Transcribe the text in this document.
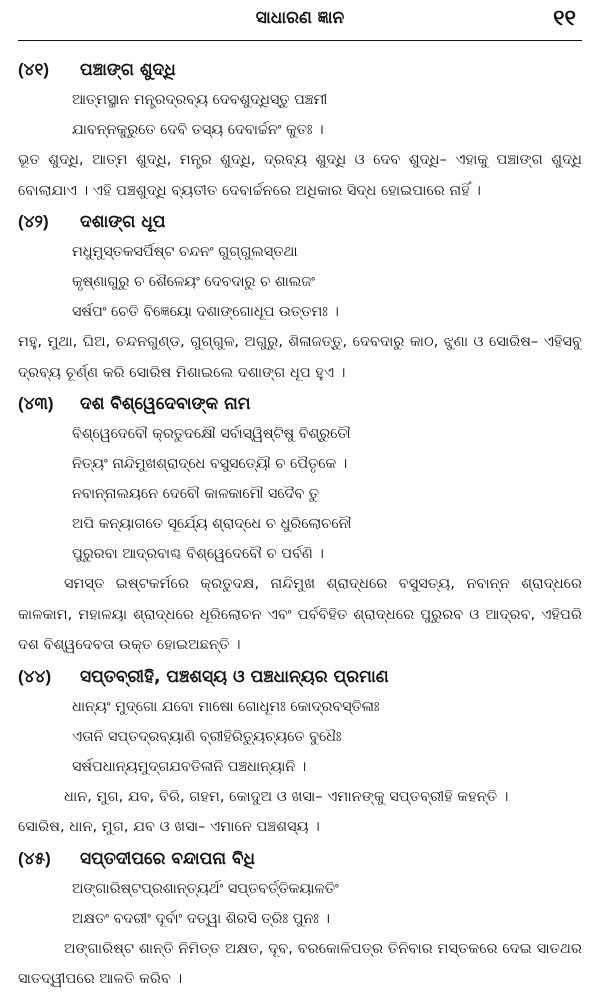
ସାଧାରଣ ଜ୍ଞାନ	୧୧
(୪୧) ପଞ୍ଚାଙ୍ଗ ଶୁଦ୍ଧି
ଆତ୍ମସ୍ଥାନ ମନ୍ତ୍ରଦ୍ରବ୍ୟ ଦେବଶୁଦ୍ଧିସ୍ତୁ ପଞ୍ଚମୀ
ଯାବନ୍ନକୁରୁତେ ଦେବି ତସ୍ୟ ଦେବାର୍ଚ୍ଚନଂ କୁତଃ ।

ଭୂତ ଶୁଦ୍ଧି, ଆତ୍ମ ଶୁଦ୍ଧି, ମନ୍ତ୍ର ଶୁଦ୍ଧି, ଦ୍ରବ୍ୟ ଶୁଦ୍ଧି ଓ ଦେବ ଶୁଦ୍ଧି– ଏହାକୁ ପଞ୍ଚାଙ୍ଗ ଶୁଦ୍ଧି ବୋଲାଯାଏ । ଏହି ପଞ୍ଚଶୁଦ୍ଧି ବ୍ୟତୀତ ଦେବାର୍ଚ୍ଚନରେ ଅଧିକାର ସିଦ୍ଧ ହୋଇପାରେ ନାହିଁ ।

(୪୨) ଦଶାଙ୍ଗ ଧୂପ
ମଧୁମୁସ୍ତକସର୍ପିଷ୍ଟ ଚନ୍ଦନଂ ଗୁଗ୍‌ଗୁଲସ୍ତଥା
କୃଷ୍ଣାଗୁରୁ ଚ ଶୈଳେୟଂ ଦେବଦାରୁ ଚ ଶାଲଜଂ
ସର୍ଷପଂ ଚେତି ବିଜ୍ଞେୟୋ ଦଶାଙ୍ଗୋଧୂପ ଉତ୍ତମଃ ।

ମହୁ, ମୁଥା, ଘିଅ, ଚନ୍ଦନଗୁଣ୍ଡ, ଗୁଗ୍‌ଗୁଳ, ଅଗୁରୁ, ଶିଳାଜତ୍ତୁ, ଦେବଦାରୁ କାଠ, ଝୁଣା ଓ ସୋରିଷ– ଏହିସବୁ ଦ୍ରବ୍ୟ ଚୂର୍ଣ୍ଣ କରି ସୋରିଷ ମିଶାଇଲେ ଦଶାଙ୍ଗ ଧୂପ ହୁଏ ।

(୪୩) ଦଶ ବିଶ୍ୱେଦେବାଙ୍କ ନାମ
ବିଶ୍ୱେଦେବୌ କ୍ରତୁଦକ୍ଷୌ ସର୍ବାସ୍ୱିଷ୍ଟିଷୁ ବିଶ୍ରୁତୌ
ନିତ୍ୟଂ ନାନ୍ଦିମୁଖଶ୍ରାଦ୍ଧେ ବସୁସତ୍ୟୌ ଚ ପୈତୃକେ ।
ନବାନ୍ନାଲୟନେ ଦେବୌ କାଳକାମୌ ସଦୈବ ତୁ
ଅପି କନ୍ୟାଗତେ ସୂର୍ଯ୍ୟେ ଶ୍ରାଦ୍ଧେ ଚ ଧୁରିଲୋଚନୌ
ପୁରୁରବା ଆଦ୍ରବାଶ୍ଚ ବିଶ୍ୱେଦେବୌ ଚ ପର୍ବଣି ।

ସମସ୍ତ ଇଷ୍ଟକର୍ମରେ କ୍ରତୁଦକ୍ଷ, ନାନ୍ଦିମୁଖ ଶ୍ରାଦ୍ଧରେ ବସୁସତ୍ୟ, ନବାନ୍ନ ଶ୍ରାଦ୍ଧରେ କାଳକାମ, ମହାଳୟା ଶ୍ରାଦ୍ଧରେ ଧୂରିଲୋଚନ ଏବଂ ପର୍ବବିହିତ ଶ୍ରାଦ୍ଧରେ ପୁରୁରବ ଓ ଆଦ୍ରବ, ଏହିପରି ଦଶ ବିଶ୍ୱଦେବତା ଉକ୍ତ ହୋଇଅଛନ୍ତି ।

(୪୪) ସପ୍ତବ୍ରୀହି, ପଞ୍ଚଶସ୍ୟ ଓ ପଞ୍ଚଧାନ୍ୟର ପ୍ରମାଣ
ଧାନ୍ୟଂ ମୁଦ୍‌ଗୋ ଯବୋ ମାଷୋ ଗୋଧୂମଃ କୋଦ୍ରବସ୍ତିଳାଃ
ଏତାନି ସପ୍ତଦ୍ରବ୍ୟାଣି ବ୍ରୀହିରିତ୍ୟୁଚ୍ୟତେ ବୁଧୈଃ
ସର୍ଷପଧାନ୍ୟମୁଦ୍‌ଗଯବତିଳାନି ପଞ୍ଚଧାନ୍ୟାନି ।
ଧାନ, ମୁଗ, ଯବ, ବିରି, ଗହମ, କୋଦୁଅ ଓ ଖସା– ଏମାନଙ୍କୁ ସପ୍ତବ୍ରୀହି କହନ୍ତି ।
ସୋରିଷ, ଧାନ, ମୁଗ, ଯବ ଓ ଖସା– ଏମାନେ ପଞ୍ଚଶସ୍ୟ ।
(୪୫) ସପ୍ତଦୀପରେ ବନ୍ଦାପନା ବିଧି
ଅଙ୍ଗାରିଷ୍ଟପ୍ରଶାନ୍ତ୍ୟର୍ଥଂ ସପ୍ତବର୍ତ୍ତିକୟାଳତିଂ
ଅକ୍ଷତଂ ବଦରୀଂ ଦୂର୍ବାଂ ଦତ୍ୱା ଶିରସି ତ୍ରିଃ ପୁନଃ ।

ଅଙ୍ଗାରିଷ୍ଟ ଶାନ୍ତି ନିମିତ୍ତ ଅକ୍ଷତ, ଦୂବ, ବରକୋଳିପତ୍ର ତିନିବାର ମସ୍ତକରେ ଦେଇ ସାତଥର ସାତଦ୍ୱୀପରେ ଆଳତି କରିବ ।
